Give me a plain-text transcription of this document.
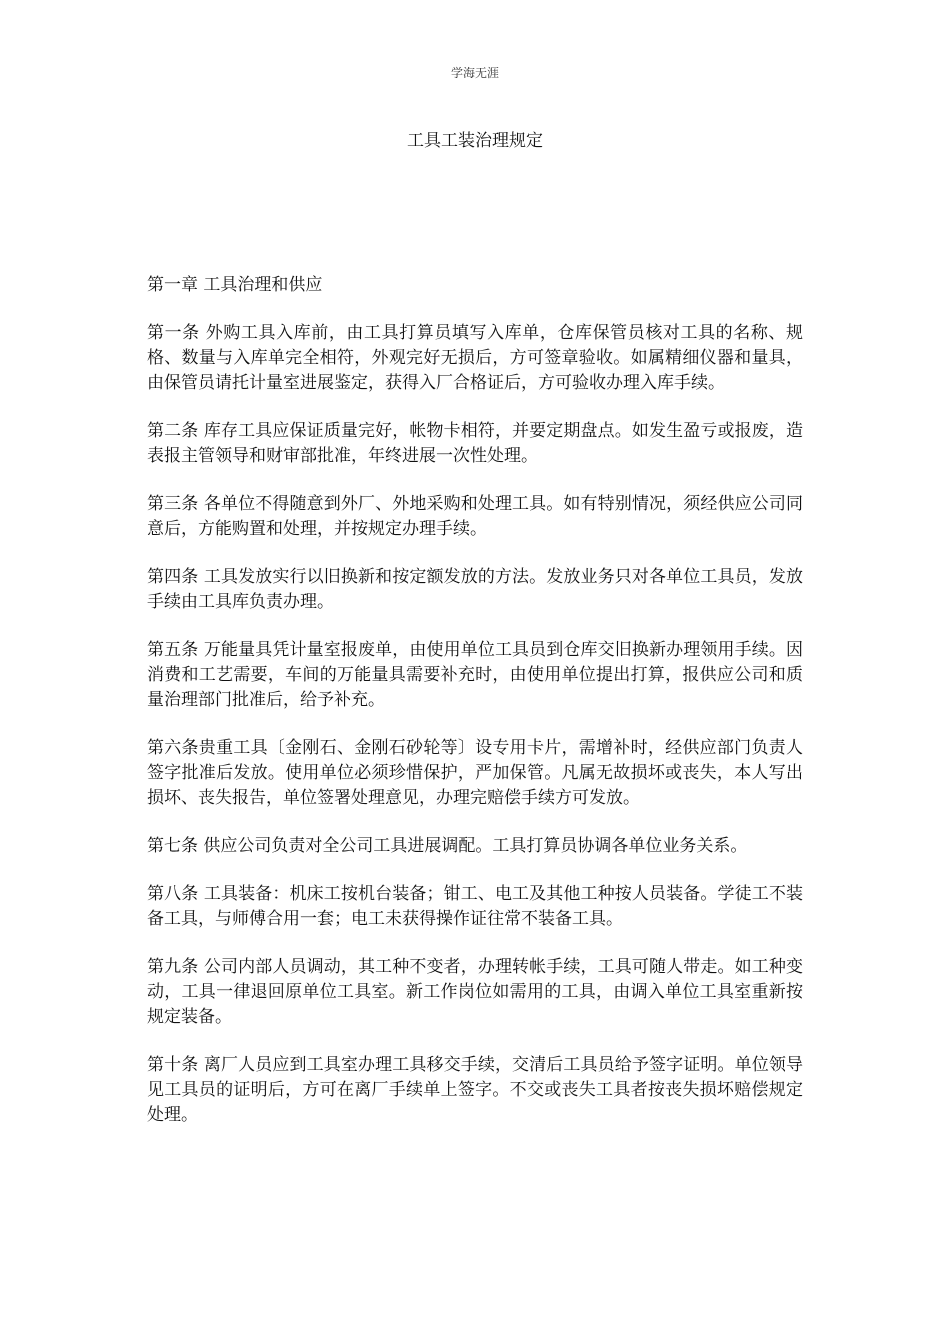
学海无涯
工具工装治理规定

第一章 工具治理和供应

第一条 外购工具入库前，由工具打算员填写入库单，仓库保管员核对工具的名称、规格、数量与入库单完全相符，外观完好无损后，方可签章验收。如属精细仪器和量具，由保管员请托计量室进展鉴定，获得入厂合格证后，方可验收办理入库手续。

第二条 库存工具应保证质量完好，帐物卡相符，并要定期盘点。如发生盈亏或报废，造表报主管领导和财审部批准，年终进展一次性处理。

第三条 各单位不得随意到外厂、外地采购和处理工具。如有特别情况，须经供应公司同意后，方能购置和处理，并按规定办理手续。

第四条 工具发放实行以旧换新和按定额发放的方法。发放业务只对各单位工具员，发放手续由工具库负责办理。

第五条 万能量具凭计量室报废单，由使用单位工具员到仓库交旧换新办理领用手续。因消费和工艺需要，车间的万能量具需要补充时，由使用单位提出打算，报供应公司和质量治理部门批准后，给予补充。

第六条贵重工具〔金刚石、金刚石砂轮等〕设专用卡片，需增补时，经供应部门负责人签字批准后发放。使用单位必须珍惜保护，严加保管。凡属无故损坏或丧失，本人写出损坏、丧失报告，单位签署处理意见，办理完赔偿手续方可发放。

第七条 供应公司负责对全公司工具进展调配。工具打算员协调各单位业务关系。

第八条 工具装备：机床工按机台装备；钳工、电工及其他工种按人员装备。学徒工不装备工具，与师傅合用一套；电工未获得操作证往常不装备工具。

第九条 公司内部人员调动，其工种不变者，办理转帐手续，工具可随人带走。如工种变动，工具一律退回原单位工具室。新工作岗位如需用的工具，由调入单位工具室重新按规定装备。

第十条 离厂人员应到工具室办理工具移交手续，交清后工具员给予签字证明。单位领导见工具员的证明后，方可在离厂手续单上签字。不交或丧失工具者按丧失损坏赔偿规定处理。
